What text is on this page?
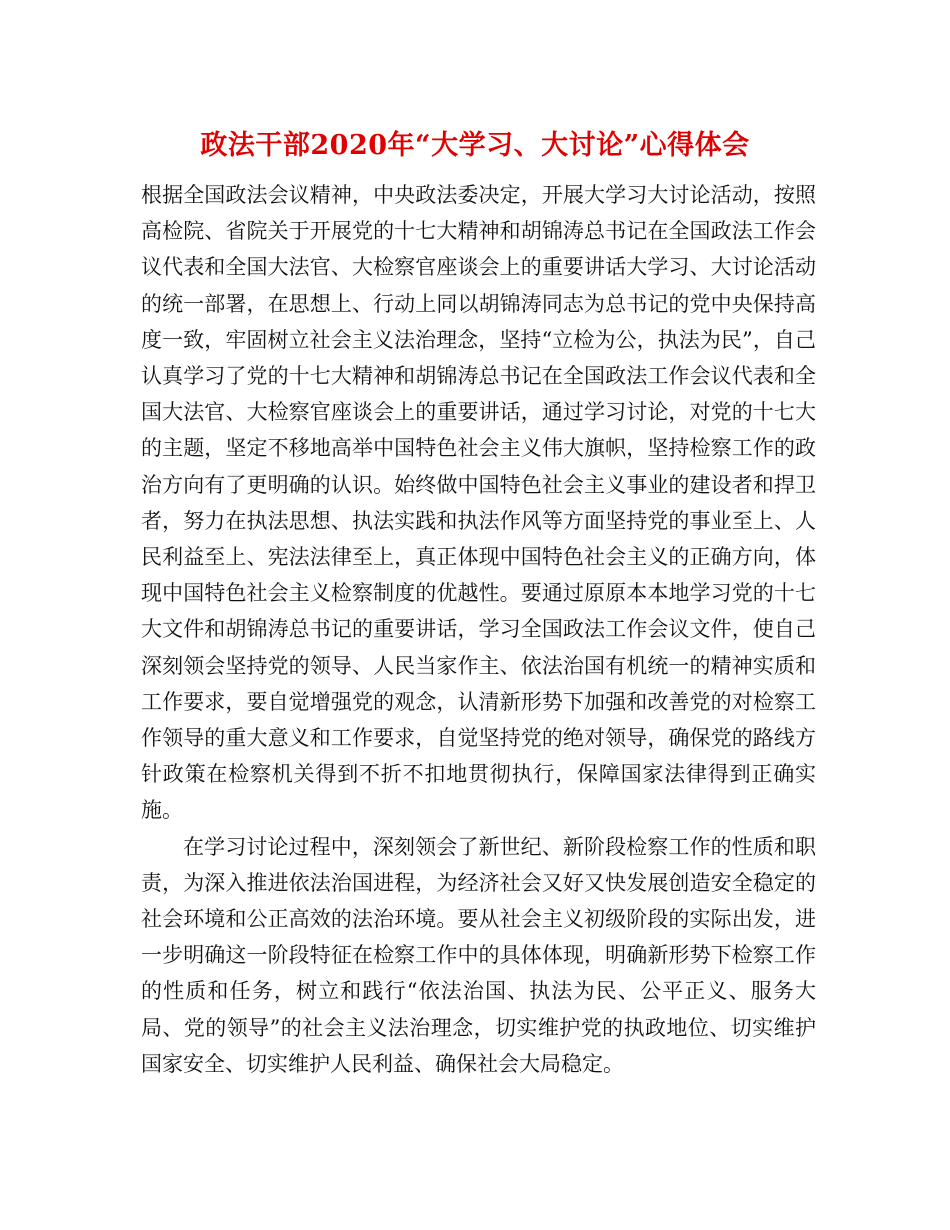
政法干部2020年“大学习、大讨论”心得体会

根据全国政法会议精神，中央政法委决定，开展大学习大讨论活动，按照高检院、省院关于开展党的十七大精神和胡锦涛总书记在全国政法工作会议代表和全国大法官、大检察官座谈会上的重要讲话大学习、大讨论活动的统一部署，在思想上、行动上同以胡锦涛同志为总书记的党中央保持高度一致，牢固树立社会主义法治理念，坚持“立检为公，执法为民”，自己认真学习了党的十七大精神和胡锦涛总书记在全国政法工作会议代表和全国大法官、大检察官座谈会上的重要讲话，通过学习讨论，对党的十七大的主题，坚定不移地高举中国特色社会主义伟大旗帜，坚持检察工作的政治方向有了更明确的认识。始终做中国特色社会主义事业的建设者和捍卫者，努力在执法思想、执法实践和执法作风等方面坚持党的事业至上、人民利益至上、宪法法律至上，真正体现中国特色社会主义的正确方向，体现中国特色社会主义检察制度的优越性。要通过原原本本地学习党的十七大文件和胡锦涛总书记的重要讲话，学习全国政法工作会议文件，使自己深刻领会坚持党的领导、人民当家作主、依法治国有机统一的精神实质和工作要求，要自觉增强党的观念，认清新形势下加强和改善党的对检察工作领导的重大意义和工作要求，自觉坚持党的绝对领导，确保党的路线方针政策在检察机关得到不折不扣地贯彻执行，保障国家法律得到正确实施。

在学习讨论过程中，深刻领会了新世纪、新阶段检察工作的性质和职责，为深入推进依法治国进程，为经济社会又好又快发展创造安全稳定的社会环境和公正高效的法治环境。要从社会主义初级阶段的实际出发，进一步明确这一阶段特征在检察工作中的具体体现，明确新形势下检察工作的性质和任务，树立和践行“依法治国、执法为民、公平正义、服务大局、党的领导”的社会主义法治理念，切实维护党的执政地位、切实维护国家安全、切实维护人民利益、确保社会大局稳定。
